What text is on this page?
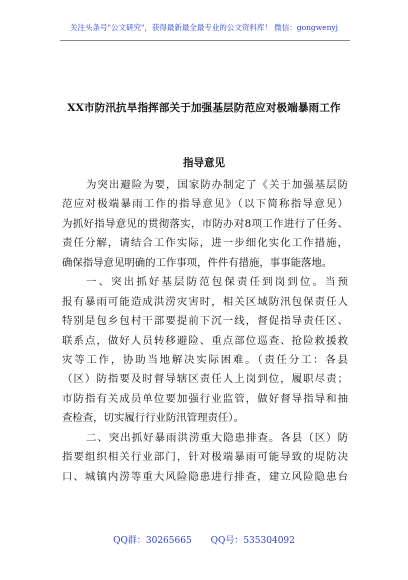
关注头条号"公文研究"，获得最新最全最专业的公文资料库！ 微信：gongwenyj
XX市防汛抗旱指挥部关于加强基层防范应对极端暴雨工作
指导意见
为突出避险为要，国家防办制定了《关于加强基层防
范应对极端暴雨工作的指导意见》（以下简称指导意见）
为抓好指导意见的贯彻落实，市防办对8项工作进行了任务、
责任分解，请结合工作实际，进一步细化实化工作措施，
确保指导意见明确的工作事项，件件有措施，事事能落地。
一、突出抓好基层防范包保责任到岗到位。当预
报有暴雨可能造成洪涝灾害时，相关区域防汛包保责任人
特别是包乡包村干部要提前下沉一线，督促指导责任区、
联系点，做好人员转移避险、重点部位巡查、抢险救援救
灾等工作，协助当地解决实际困难。（责任分工：各县
（区）防指要及时督导辖区责任人上岗到位，履职尽责；
市防指有关成员单位要加强行业监管，做好督导指导和抽
查检查，切实履行行业防汛管理责任）。
二、突出抓好暴雨洪涝重大隐患排查。各县（区）防
指要组织相关行业部门，针对极端暴雨可能导致的堤防决
口、城镇内涝等重大风险隐患进行排查，建立风险隐患台
QQ群：30265665 QQ号：535304092
